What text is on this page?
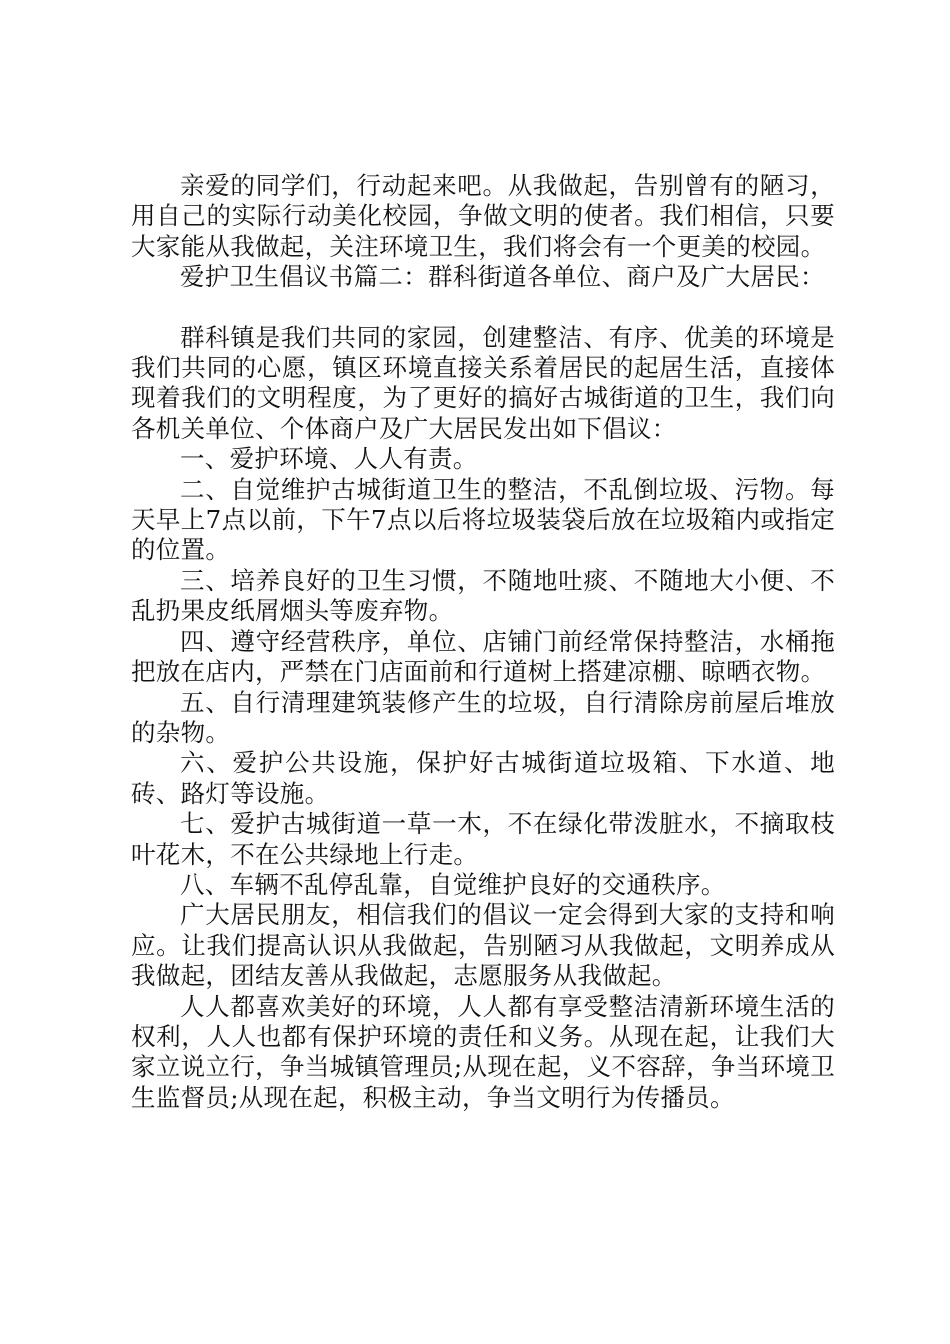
亲爱的同学们，行动起来吧。从我做起，告别曾有的陋习，用自己的实际行动美化校园，争做文明的使者。我们相信，只要大家能从我做起，关注环境卫生，我们将会有一个更美的校园。

爱护卫生倡议书篇二：群科街道各单位、商户及广大居民：

群科镇是我们共同的家园，创建整洁、有序、优美的环境是我们共同的心愿，镇区环境直接关系着居民的起居生活，直接体现着我们的文明程度，为了更好的搞好古城街道的卫生，我们向各机关单位、个体商户及广大居民发出如下倡议：

一、爱护环境、人人有责。

二、自觉维护古城街道卫生的整洁，不乱倒垃圾、污物。每天早上7点以前，下午7点以后将垃圾装袋后放在垃圾箱内或指定的位置。

三、培养良好的卫生习惯，不随地吐痰、不随地大小便、不乱扔果皮纸屑烟头等废弃物。

四、遵守经营秩序，单位、店铺门前经常保持整洁，水桶拖把放在店内，严禁在门店面前和行道树上搭建凉棚、晾晒衣物。

五、自行清理建筑装修产生的垃圾，自行清除房前屋后堆放的杂物。

六、爱护公共设施，保护好古城街道垃圾箱、下水道、地砖、路灯等设施。

七、爱护古城街道一草一木，不在绿化带泼脏水，不摘取枝叶花木，不在公共绿地上行走。

八、车辆不乱停乱靠，自觉维护良好的交通秩序。

广大居民朋友，相信我们的倡议一定会得到大家的支持和响应。让我们提高认识从我做起，告别陋习从我做起，文明养成从我做起，团结友善从我做起，志愿服务从我做起。

人人都喜欢美好的环境，人人都有享受整洁清新环境生活的权利，人人也都有保护环境的责任和义务。从现在起，让我们大家立说立行，争当城镇管理员;从现在起，义不容辞，争当环境卫生监督员;从现在起，积极主动，争当文明行为传播员。
